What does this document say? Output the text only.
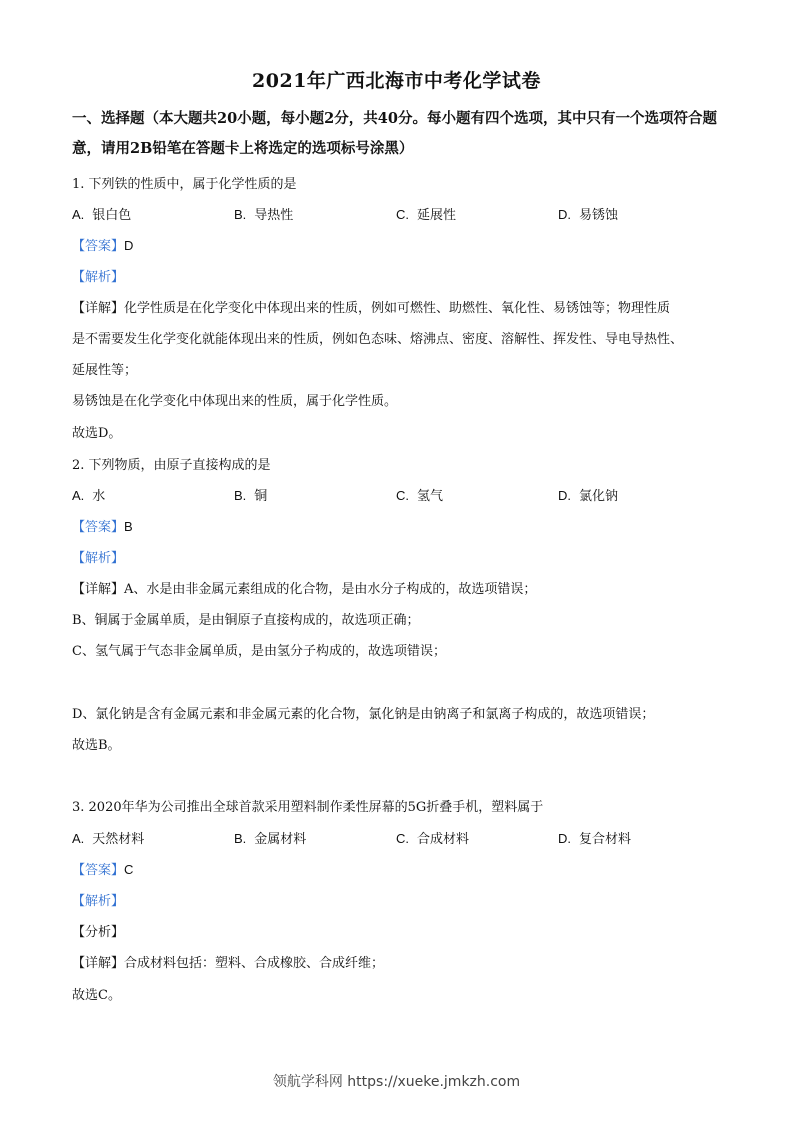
2021年广西北海市中考化学试卷
一、选择题（本大题共20小题，每小题2分，共40分。每小题有四个选项，其中只有一个选项符合题意，请用2B铅笔在答题卡上将选定的选项标号涂黑）
1. 下列铁的性质中，属于化学性质的是
A. 银白色	B. 导热性	C. 延展性	D. 易锈蚀
【答案】D
【解析】
【详解】化学性质是在化学变化中体现出来的性质，例如可燃性、助燃性、氧化性、易锈蚀等；物理性质
是不需要发生化学变化就能体现出来的性质，例如色态味、熔沸点、密度、溶解性、挥发性、导电导热性、
延展性等；
易锈蚀是在化学变化中体现出来的性质，属于化学性质。
故选D。
2. 下列物质，由原子直接构成的是
A. 水	B. 铜	C. 氢气	D. 氯化钠
【答案】B
【解析】
【详解】A、水是由非金属元素组成的化合物，是由水分子构成的，故选项错误；
B、铜属于金属单质，是由铜原子直接构成的，故选项正确；
C、氢气属于气态非金属单质，是由氢分子构成的，故选项错误；
D、氯化钠是含有金属元素和非金属元素的化合物，氯化钠是由钠离子和氯离子构成的，故选项错误；
故选B。
3. 2020年华为公司推出全球首款采用塑料制作柔性屏幕的5G折叠手机，塑料属于
A. 天然材料	B. 金属材料	C. 合成材料	D. 复合材料
【答案】C
【解析】
【分析】
【详解】合成材料包括：塑料、合成橡胶、合成纤维；
故选C。
领航学科网 https://xueke.jmkzh.com
